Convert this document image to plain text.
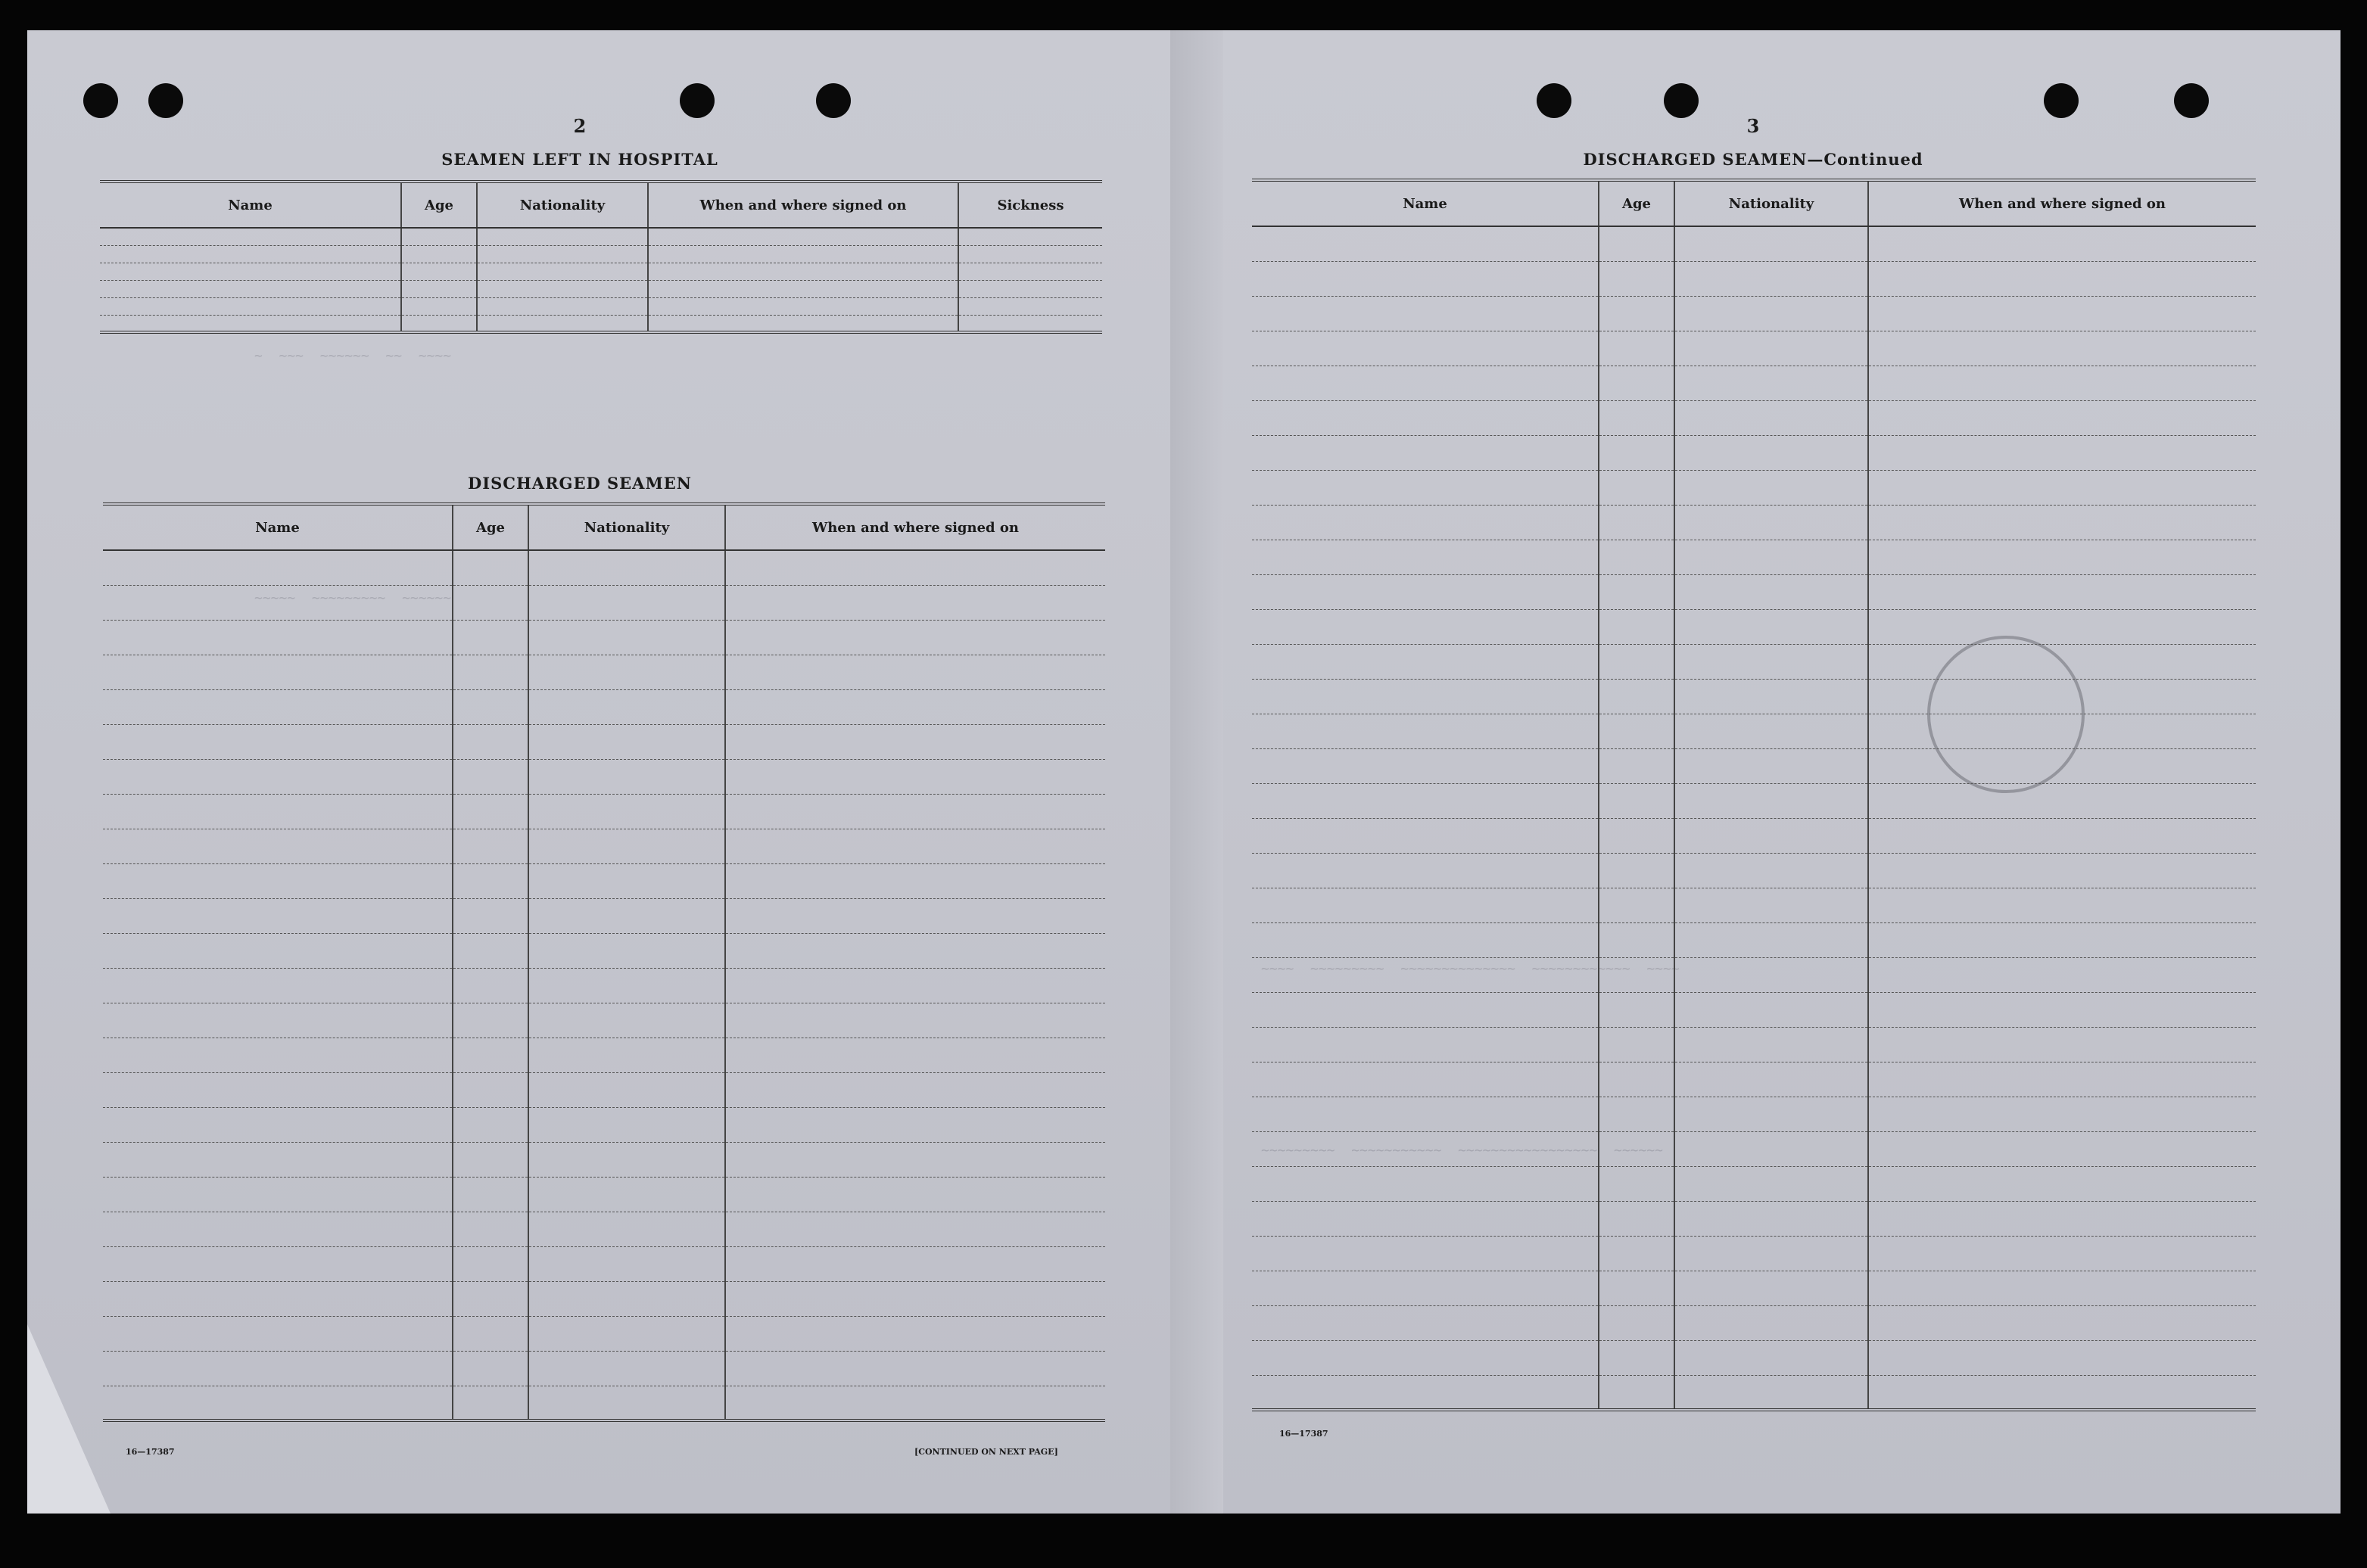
~  ~~~  ~~~~~~  ~~  ~~~~
~~~~~  ~~~~~~~~~  ~~~~~~
2
SEAMEN LEFT IN HOSPITAL
Name	Age	Nationality	When and where signed on	Sickness

DISCHARGED SEAMEN
Name	Age	Nationality	When and where signed on

16—17387	[CONTINUED ON NEXT PAGE]
~~~~  ~~~~~~~~~  ~~~~~~~~~~~~~~  ~~~~~~~~~~~~  ~~~~
~~~~~~~~~  ~~~~~~~~~~~  ~~~~~~~~~~~~~~~~~  ~~~~~~
3
DISCHARGED SEAMEN—Continued
Name	Age	Nationality	When and where signed on

16—17387
